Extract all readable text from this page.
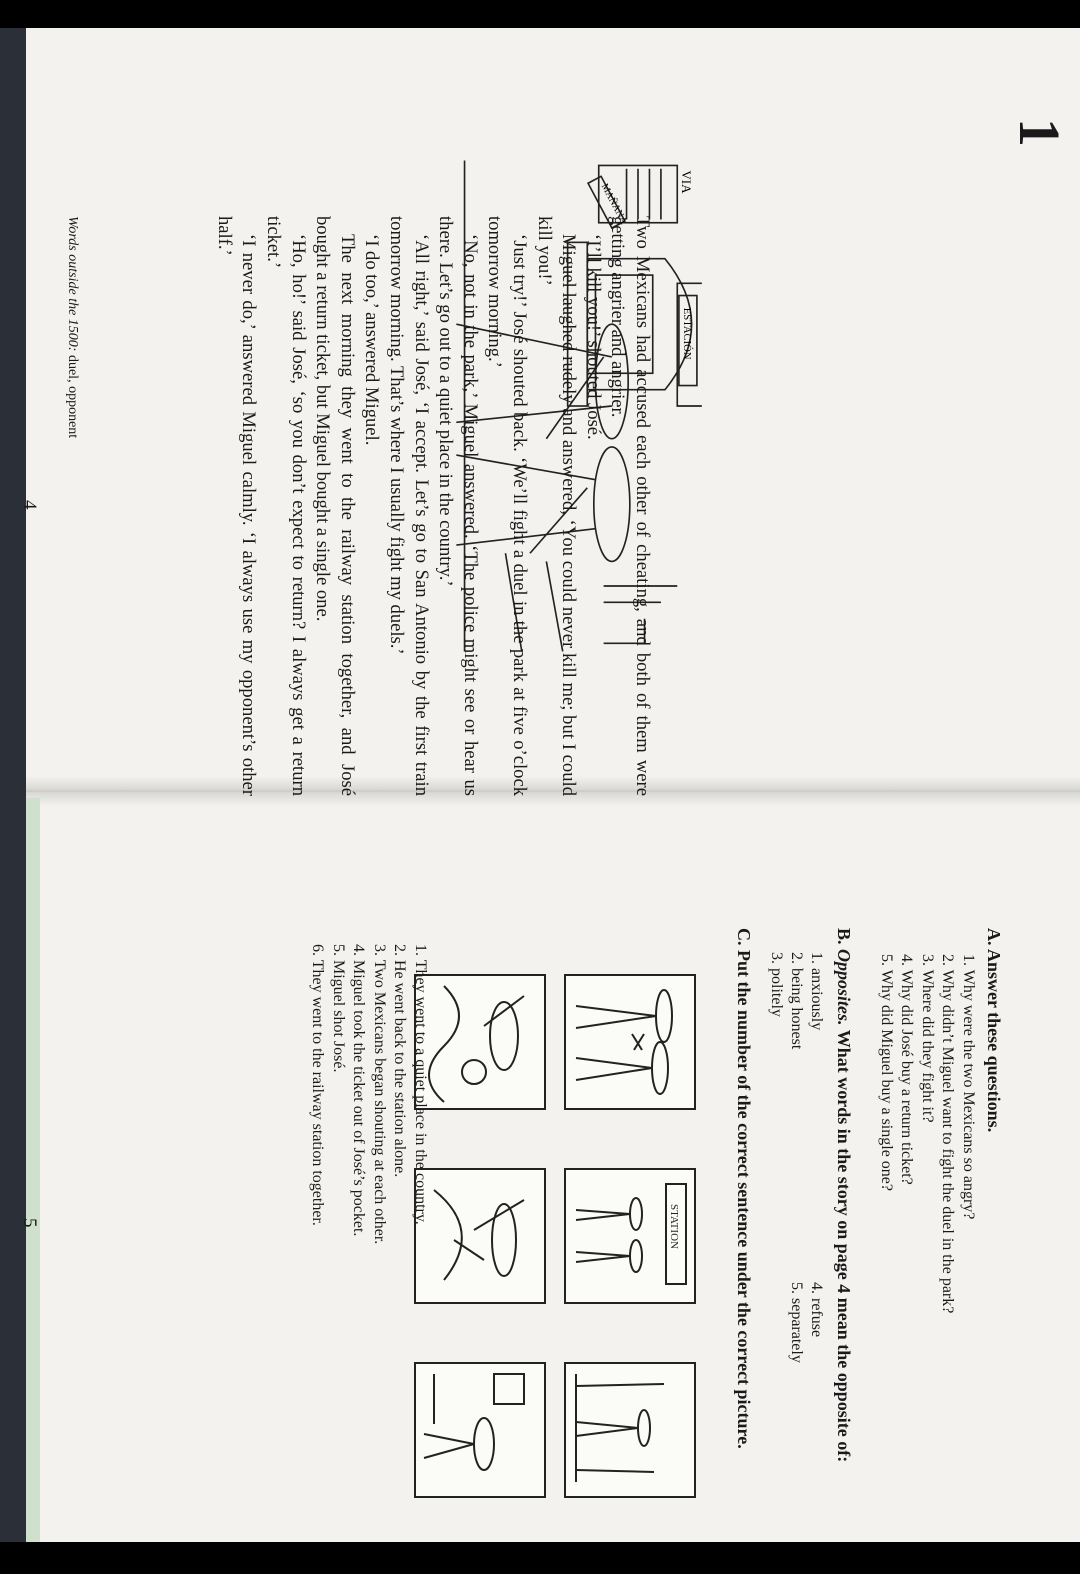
1
VIA
MAÑANA
ESTACIÓN

Two Mexicans had accused each other of cheating, and both of them were getting angrier and angrier.

‘I’ll kill you!’ shouted José.

Miguel laughed rudely and answered, ‘You could never kill me; but I could kill you!’

‘Just try!’ José shouted back. ‘We’ll fight a duel in the park at five o’clock tomorrow morning.’

‘No, not in the park,’ Miguel answered. ‘The police might see or hear us there. Let’s go out to a quiet place in the country.’

‘All right,’ said José, ‘I accept. Let’s go to San Antonio by the first train tomorrow morning. That’s where I usually fight my duels.’

‘I do too,’ answered Miguel.

The next morning they went to the railway station together, and José bought a return ticket, but Miguel bought a single one.

‘Ho, ho!’ said José, ‘so you don’t expect to return? I always get a return ticket.’

‘I never do,’ answered Miguel calmly. ‘I always use my opponent’s other half.’

Words outside the 1500: duel, opponent
4

A. Answer these questions.

1. Why were the two Mexicans so angry?
2. Why didn’t Miguel want to fight the duel in the park?
3. Where did they fight it?
4. Why did José buy a return ticket?
5. Why did Miguel buy a single one?

B. Opposites. What words in the story on page 4 mean the opposite of:

1. anxiously
2. being honest
3. politely
4. refuse
5. separately

C. Put the number of the correct sentence under the correct picture.

STATION
1. They went to a quiet place in the country.
2. He went back to the station alone.
3. Two Mexicans began shouting at each other.
4. Miguel took the ticket out of José’s pocket.
5. Miguel shot José.
6. They went to the railway station together.
5
